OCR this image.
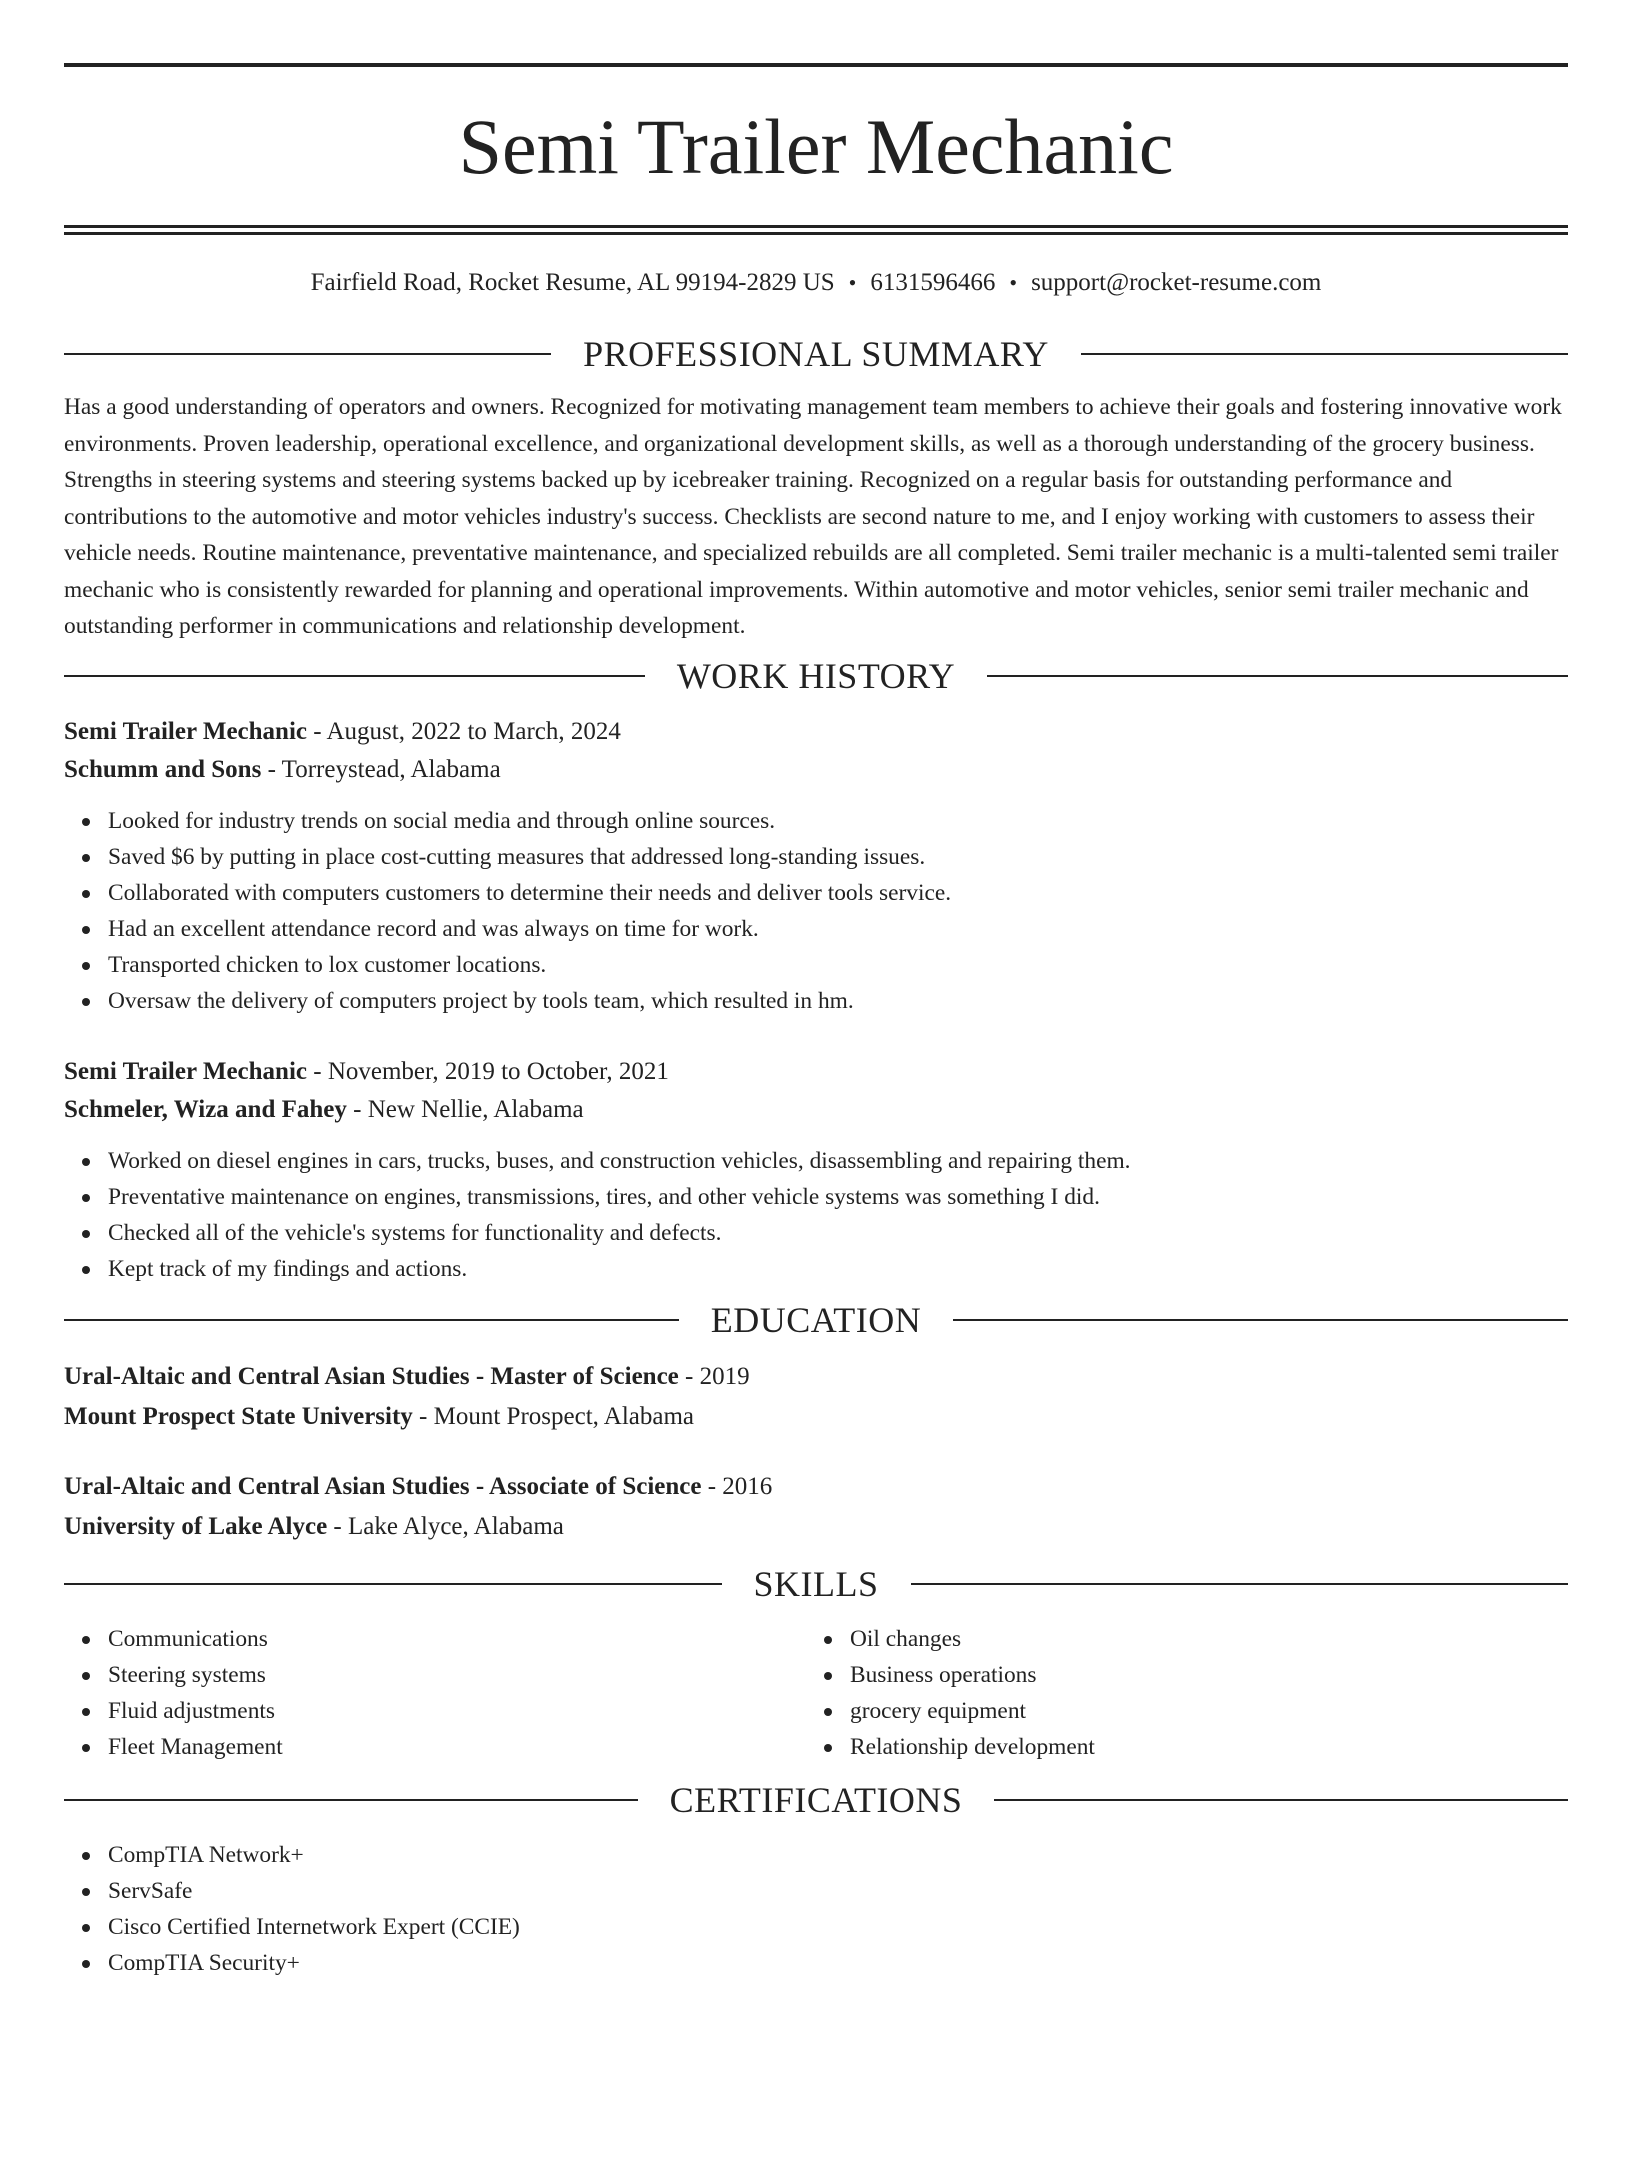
Semi Trailer Mechanic
Fairfield Road, Rocket Resume, AL 99194-2829 US • 6131596466 • support@rocket-resume.com
PROFESSIONAL SUMMARY

Has a good understanding of operators and owners. Recognized for motivating management team members to achieve their goals and fostering innovative work environments. Proven leadership, operational excellence, and organizational development skills, as well as a thorough understanding of the grocery business. Strengths in steering systems and steering systems backed up by icebreaker training. Recognized on a regular basis for outstanding performance and contributions to the automotive and motor vehicles industry's success. Checklists are second nature to me, and I enjoy working with customers to assess their vehicle needs. Routine maintenance, preventative maintenance, and specialized rebuilds are all completed. Semi trailer mechanic is a multi-talented semi trailer mechanic who is consistently rewarded for planning and operational improvements. Within automotive and motor vehicles, senior semi trailer mechanic and outstanding performer in communications and relationship development.

WORK HISTORY
Semi Trailer Mechanic - August, 2022 to March, 2024
Schumm and Sons - Torreystead, Alabama
Looked for industry trends on social media and through online sources.
Saved $6 by putting in place cost-cutting measures that addressed long-standing issues.
Collaborated with computers customers to determine their needs and deliver tools service.
Had an excellent attendance record and was always on time for work.
Transported chicken to lox customer locations.
Oversaw the delivery of computers project by tools team, which resulted in hm.
Semi Trailer Mechanic - November, 2019 to October, 2021
Schmeler, Wiza and Fahey - New Nellie, Alabama
Worked on diesel engines in cars, trucks, buses, and construction vehicles, disassembling and repairing them.
Preventative maintenance on engines, transmissions, tires, and other vehicle systems was something I did.
Checked all of the vehicle's systems for functionality and defects.
Kept track of my findings and actions.
EDUCATION
Ural-Altaic and Central Asian Studies - Master of Science - 2019
Mount Prospect State University - Mount Prospect, Alabama
Ural-Altaic and Central Asian Studies - Associate of Science - 2016
University of Lake Alyce - Lake Alyce, Alabama
SKILLS
Communications
Steering systems
Fluid adjustments
Fleet Management
Oil changes
Business operations
grocery equipment
Relationship development
CERTIFICATIONS
CompTIA Network+
ServSafe
Cisco Certified Internetwork Expert (CCIE)
CompTIA Security+
